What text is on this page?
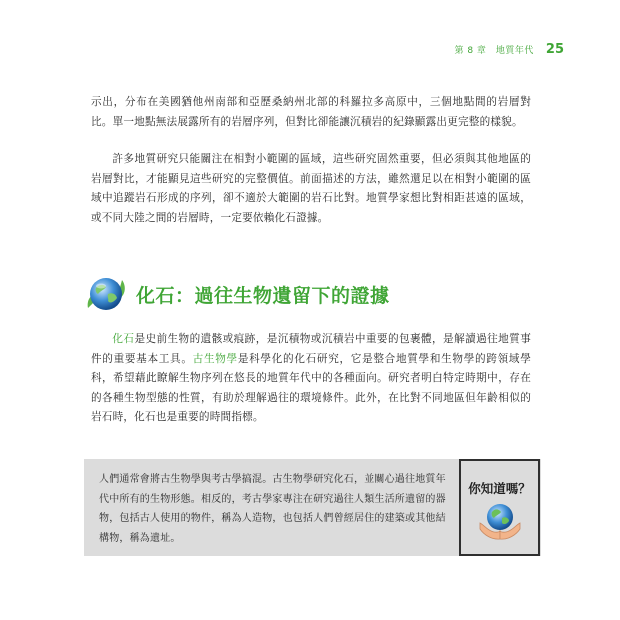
第 8 章　地質年代 25

示出，分布在美國猶他州南部和亞歷桑納州北部的科羅拉多高原中，三個地點間的岩層對比。單一地點無法展露所有的岩層序列，但對比卻能讓沉積岩的紀錄顯露出更完整的樣貌。

許多地質研究只能關注在相對小範圍的區域，這些研究固然重要，但必須與其他地區的岩層對比，才能顯見這些研究的完整價值。前面描述的方法，雖然還足以在相對小範圍的區域中追蹤岩石形成的序列，卻不適於大範圍的岩石比對。地質學家想比對相距甚遠的區域，或不同大陸之間的岩層時，一定要依賴化石證據。

化石：過往生物遺留下的證據

化石是史前生物的遺骸或痕跡，是沉積物或沉積岩中重要的包裹體，是解讀過往地質事件的重要基本工具。古生物學是科學化的化石研究，它是整合地質學和生物學的跨領域學科，希望藉此瞭解生物序列在悠長的地質年代中的各種面向。研究者明白特定時期中，存在的各種生物型態的性質，有助於理解過往的環境條件。此外，在比對不同地區但年齡相似的岩石時，化石也是重要的時間指標。

人們通常會將古生物學與考古學搞混。古生物學研究化石，並關心過往地質年代中所有的生物形態。相反的，考古學家專注在研究過往人類生活所遺留的器物，包括古人使用的物件，稱為人造物，也包括人們曾經居住的建築或其他結構物，稱為遺址。

你知道嗎？
